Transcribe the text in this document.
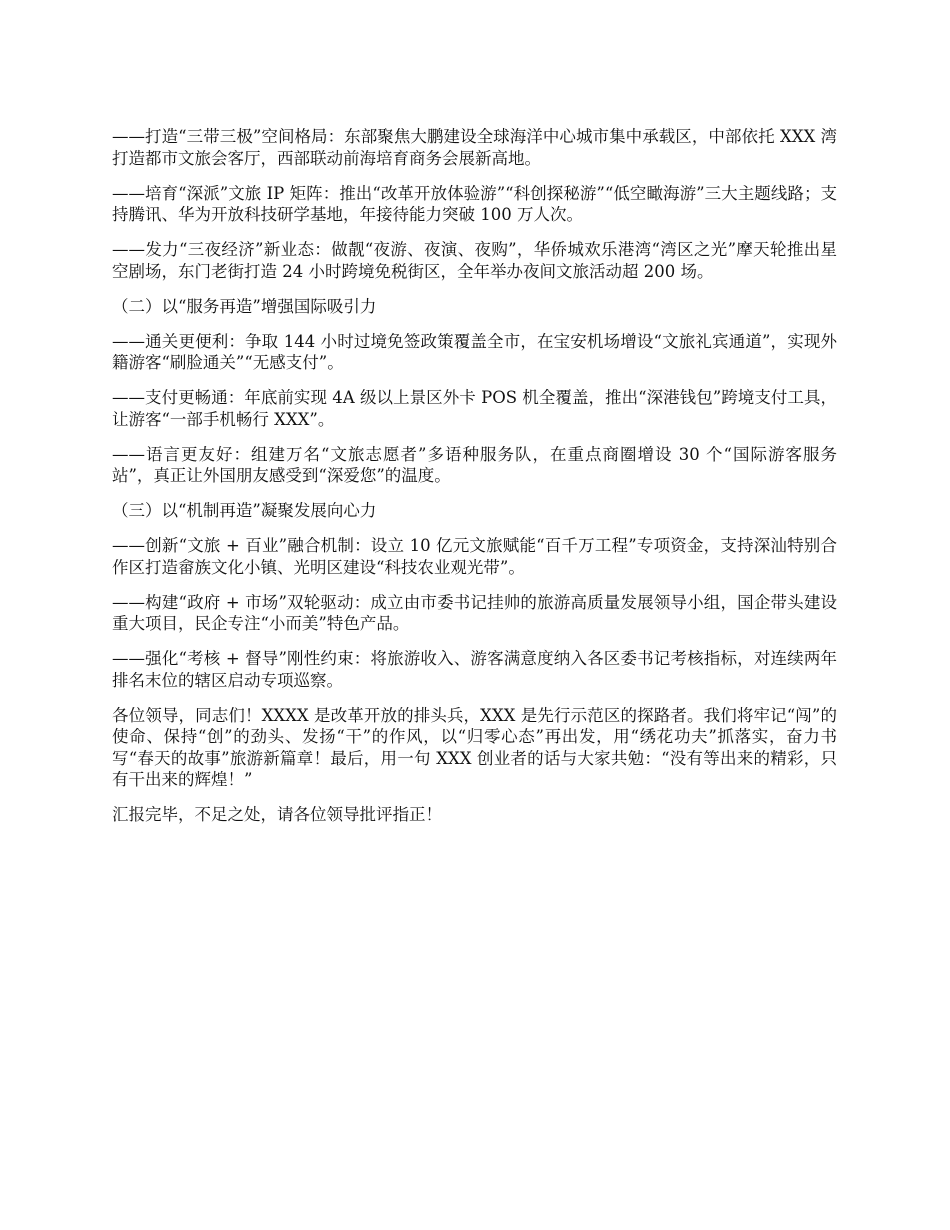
——打造“三带三极”空间格局：东部聚焦大鹏建设全球海洋中心城市集中承载区，中部依托 XXX 湾打造都市文旅会客厅，西部联动前海培育商务会展新高地。

——培育“深派”文旅 IP 矩阵：推出“改革开放体验游”“科创探秘游”“低空瞰海游”三大主题线路；支持腾讯、华为开放科技研学基地，年接待能力突破 100 万人次。

——发力“三夜经济”新业态：做靓“夜游、夜演、夜购”，华侨城欢乐港湾“湾区之光”摩天轮推出星空剧场，东门老街打造 24 小时跨境免税街区，全年举办夜间文旅活动超 200 场。

（二）以“服务再造”增强国际吸引力

——通关更便利：争取 144 小时过境免签政策覆盖全市，在宝安机场增设“文旅礼宾通道”，实现外籍游客“刷脸通关”“无感支付”。

——支付更畅通：年底前实现 4A 级以上景区外卡 POS 机全覆盖，推出“深港钱包”跨境支付工具，让游客“一部手机畅行 XXX”。

——语言更友好：组建万名“文旅志愿者”多语种服务队，在重点商圈增设 30 个“国际游客服务站”，真正让外国朋友感受到“深爱您”的温度。

（三）以“机制再造”凝聚发展向心力

——创新“文旅 + 百业”融合机制：设立 10 亿元文旅赋能“百千万工程”专项资金，支持深汕特别合作区打造畲族文化小镇、光明区建设“科技农业观光带”。

——构建“政府 + 市场”双轮驱动：成立由市委书记挂帅的旅游高质量发展领导小组，国企带头建设重大项目，民企专注“小而美”特色产品。

——强化“考核 + 督导”刚性约束：将旅游收入、游客满意度纳入各区委书记考核指标，对连续两年排名末位的辖区启动专项巡察。

各位领导，同志们！XXXX 是改革开放的排头兵，XXX 是先行示范区的探路者。我们将牢记“闯”的使命、保持“创”的劲头、发扬“干”的作风，以“归零心态”再出发，用“绣花功夫”抓落实，奋力书写“春天的故事”旅游新篇章！最后，用一句 XXX 创业者的话与大家共勉：“没有等出来的精彩，只有干出来的辉煌！”

汇报完毕，不足之处，请各位领导批评指正！
